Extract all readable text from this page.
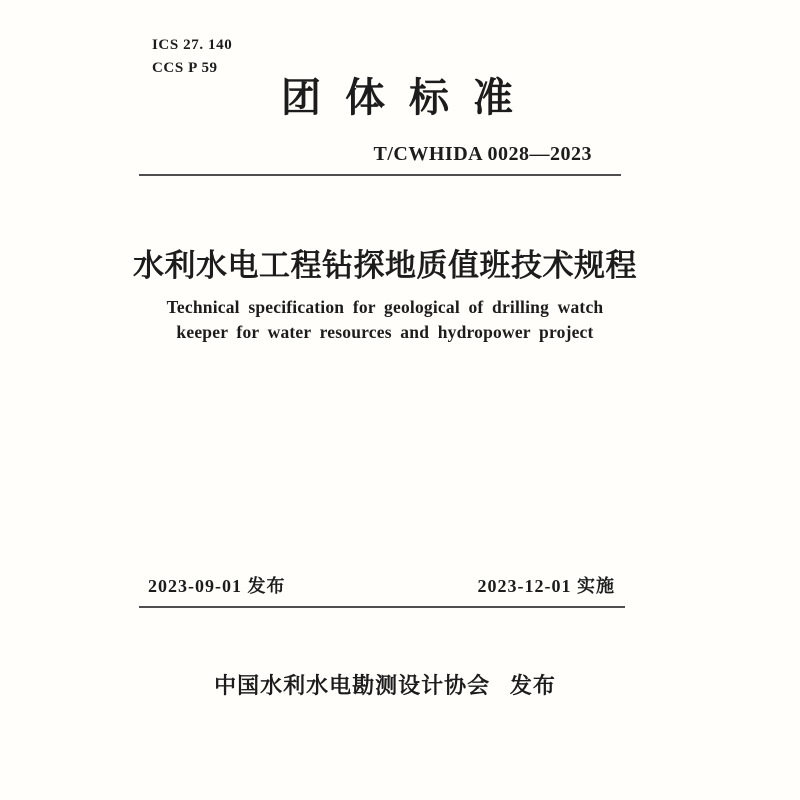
ICS 27. 140
CCS P 59
团体标准
T/CWHIDA 0028—2023
水利水电工程钻探地质值班技术规程
Technical specification for geological of drilling watch
keeper for water resources and hydropower project
2023-09-01 发布	2023-12-01 实施
中国水利水电勘测设计协会 发布
